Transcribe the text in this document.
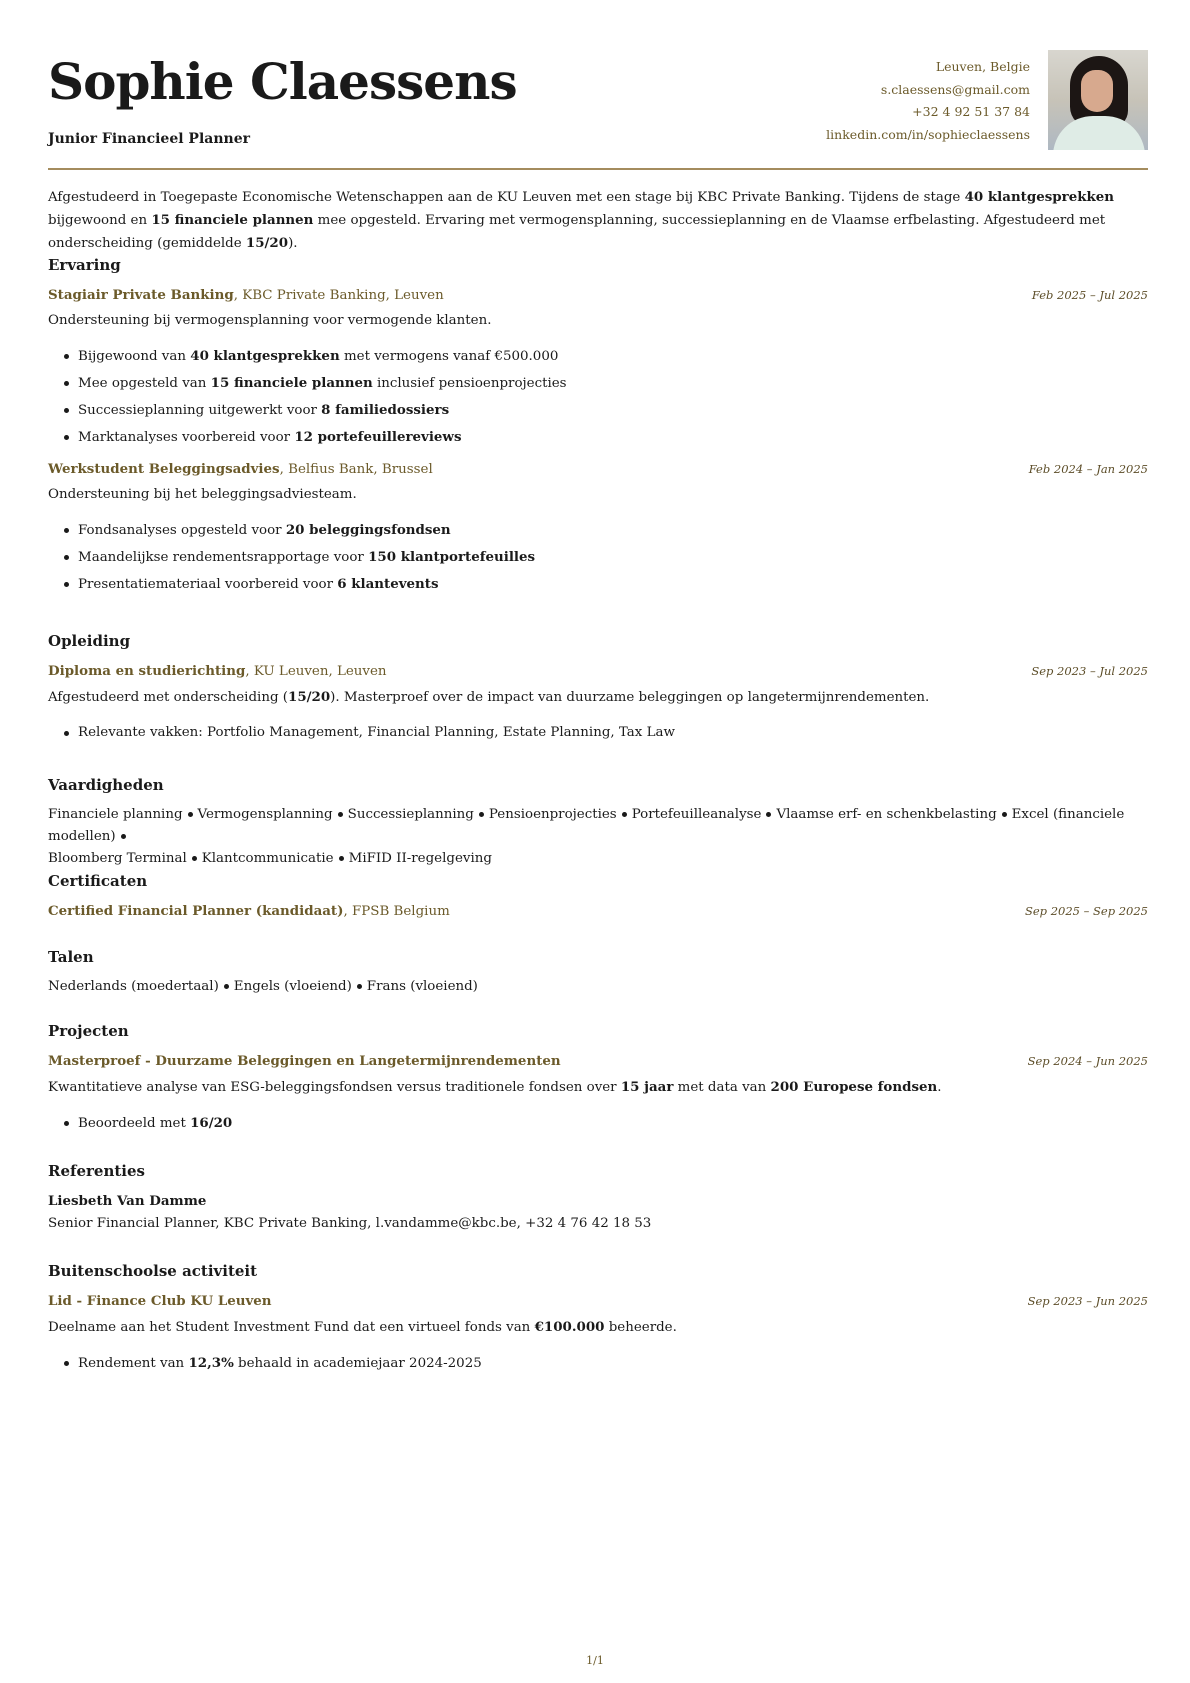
Sophie Claessens
Junior Financieel Planner
Leuven, Belgie
s.claessens@gmail.com
+32 4 92 51 37 84
linkedin.com/in/sophieclaessens
Afgestudeerd in Toegepaste Economische Wetenschappen aan de KU Leuven met een stage bij KBC Private Banking. Tijdens de stage 40 klantgesprekken bijgewoond en 15 financiele plannen mee opgesteld. Ervaring met vermogensplanning, successieplanning en de Vlaamse erfbelasting. Afgestudeerd met onderscheiding (gemiddelde 15/20).
Ervaring
Stagiair Private Banking, KBC Private Banking, Leuven	Feb 2025 – Jul 2025
Ondersteuning bij vermogensplanning voor vermogende klanten.
Bijgewoond van 40 klantgesprekken met vermogens vanaf €500.000
Mee opgesteld van 15 financiele plannen inclusief pensioenprojecties
Successieplanning uitgewerkt voor 8 familiedossiers
Marktanalyses voorbereid voor 12 portefeuillereviews
Werkstudent Beleggingsadvies, Belfius Bank, Brussel	Feb 2024 – Jan 2025
Ondersteuning bij het beleggingsadviesteam.
Fondsanalyses opgesteld voor 20 beleggingsfondsen
Maandelijkse rendementsrapportage voor 150 klantportefeuilles
Presentatiemateriaal voorbereid voor 6 klantevents
Opleiding
Diploma en studierichting, KU Leuven, Leuven	Sep 2023 – Jul 2025
Afgestudeerd met onderscheiding (15/20). Masterproef over de impact van duurzame beleggingen op langetermijnrendementen.
Relevante vakken: Portfolio Management, Financial Planning, Estate Planning, Tax Law
Vaardigheden
Financiele planning Vermogensplanning Successieplanning Pensioenprojecties Portefeuilleanalyse Vlaamse erf- en schenkbelasting Excel (financiele modellen)
Bloomberg Terminal Klantcommunicatie MiFID II-regelgeving
Certificaten
Certified Financial Planner (kandidaat), FPSB Belgium	Sep 2025 – Sep 2025
Talen
Nederlands (moedertaal) Engels (vloeiend) Frans (vloeiend)
Projecten
Masterproef - Duurzame Beleggingen en Langetermijnrendementen	Sep 2024 – Jun 2025
Kwantitatieve analyse van ESG-beleggingsfondsen versus traditionele fondsen over 15 jaar met data van 200 Europese fondsen.
Beoordeeld met 16/20
Referenties
Liesbeth Van Damme
Senior Financial Planner, KBC Private Banking, l.vandamme@kbc.be, +32 4 76 42 18 53
Buitenschoolse activiteit
Lid - Finance Club KU Leuven	Sep 2023 – Jun 2025
Deelname aan het Student Investment Fund dat een virtueel fonds van €100.000 beheerde.
Rendement van 12,3% behaald in academiejaar 2024-2025
1/1
